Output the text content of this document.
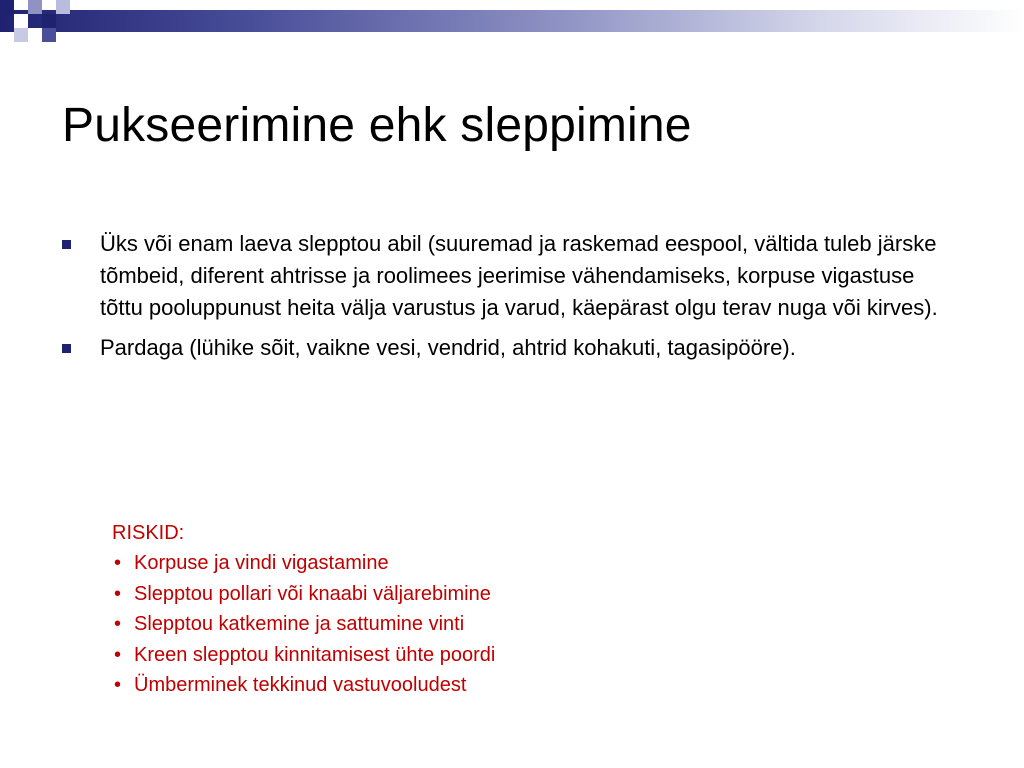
Pukseerimine ehk sleppimine
Üks või enam laeva slepptou abil (suuremad ja raskemad eespool, vältida tuleb järske tõmbeid, diferent ahtrisse ja roolimees jeerimise vähendamiseks, korpuse vigastuse tõttu pooluppunust heita välja varustus ja varud, käepärast olgu terav nuga või kirves).
Pardaga (lühike sõit, vaikne vesi, vendrid, ahtrid kohakuti, tagasipööre).

RISKID:

• Korpuse ja vindi vigastamine
• Slepptou pollari või knaabi väljarebimine
• Slepptou katkemine ja sattumine vinti
• Kreen slepptou kinnitamisest ühte poordi
• Ümberminek tekkinud vastuvooludest
